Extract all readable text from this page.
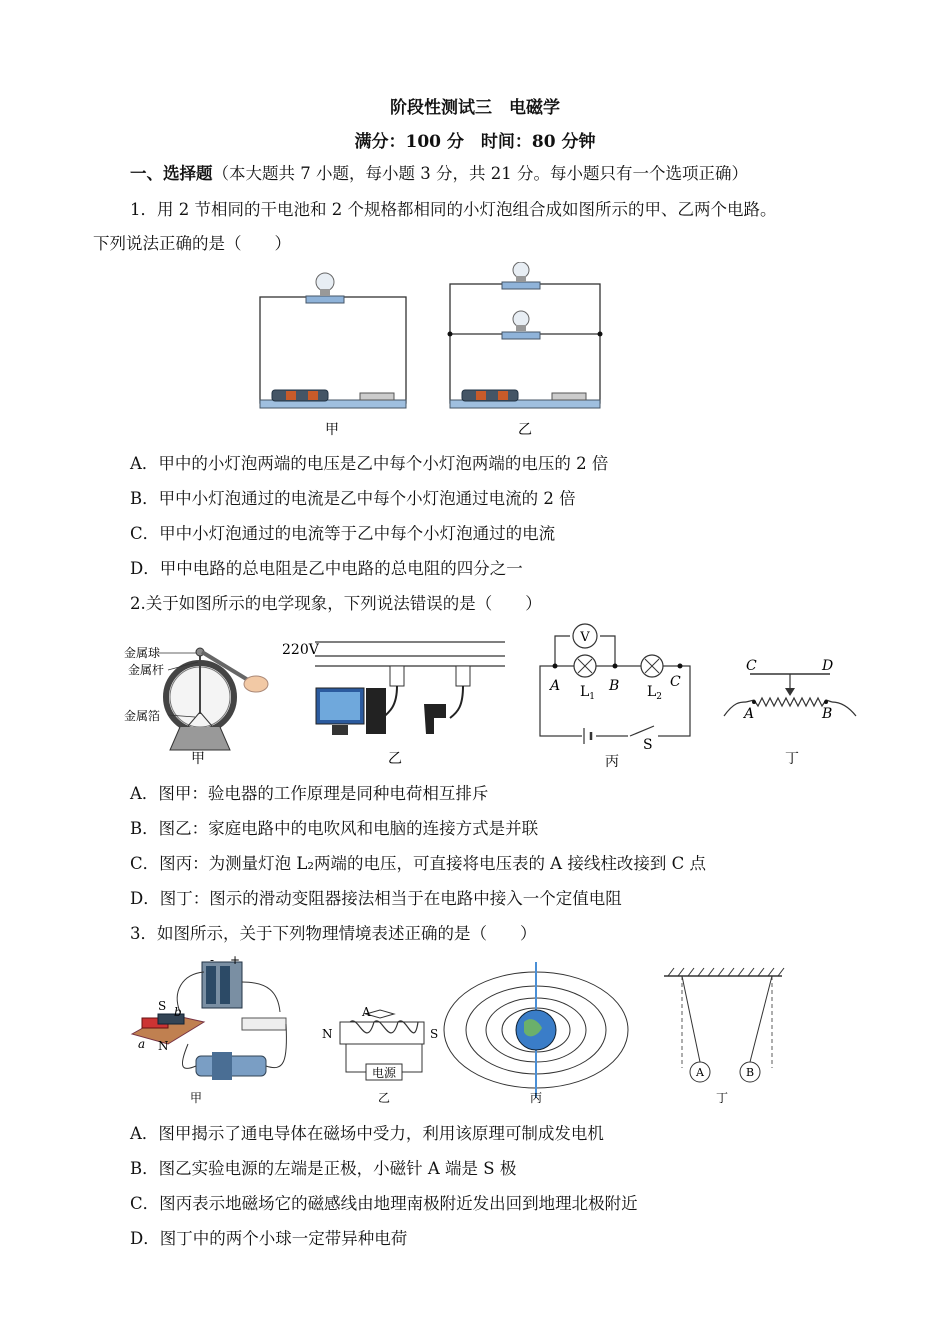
阶段性测试三　电磁学
满分：100 分　时间：80 分钟
一、选择题（本大题共 7 小题，每小题 3 分，共 21 分。每小题只有一个选项正确）
1．用 2 节相同的干电池和 2 个规格都相同的小灯泡组合成如图所示的甲、乙两个电路。
下列说法正确的是（　　）
甲	乙
A．甲中的小灯泡两端的电压是乙中每个小灯泡两端的电压的 2 倍
B．甲中小灯泡通过的电流是乙中每个小灯泡通过电流的 2 倍
C．甲中小灯泡通过的电流等于乙中每个小灯泡通过的电流
D．甲中电路的总电阻是乙中电路的总电阻的四分之一
2.关于如图所示的电学现象，下列说法错误的是（　　）
金属球
金属杆
金属箔
甲
220V
乙
V
A	B	C
$L_1$	$L_2$
S
丙
C	D
A	B
丁
A．图甲：验电器的工作原理是同种电荷相互排斥
B．图乙：家庭电路中的电吹风和电脑的连接方式是并联
C．图丙：为测量灯泡 L₂两端的电压，可直接将电压表的 A 接线柱改接到 C 点
D．图丁：图示的滑动变阻器接法相当于在电路中接入一个定值电阻
3．如图所示，关于下列物理情境表述正确的是（　　）
S
N
a
b
- +
甲
A
N	S
电源
乙	丙
A	B
丁
A．图甲揭示了通电导体在磁场中受力，利用该原理可制成发电机
B．图乙实验电源的左端是正极，小磁针 A 端是 S 极
C．图丙表示地磁场它的磁感线由地理南极附近发出回到地理北极附近
D．图丁中的两个小球一定带异种电荷
